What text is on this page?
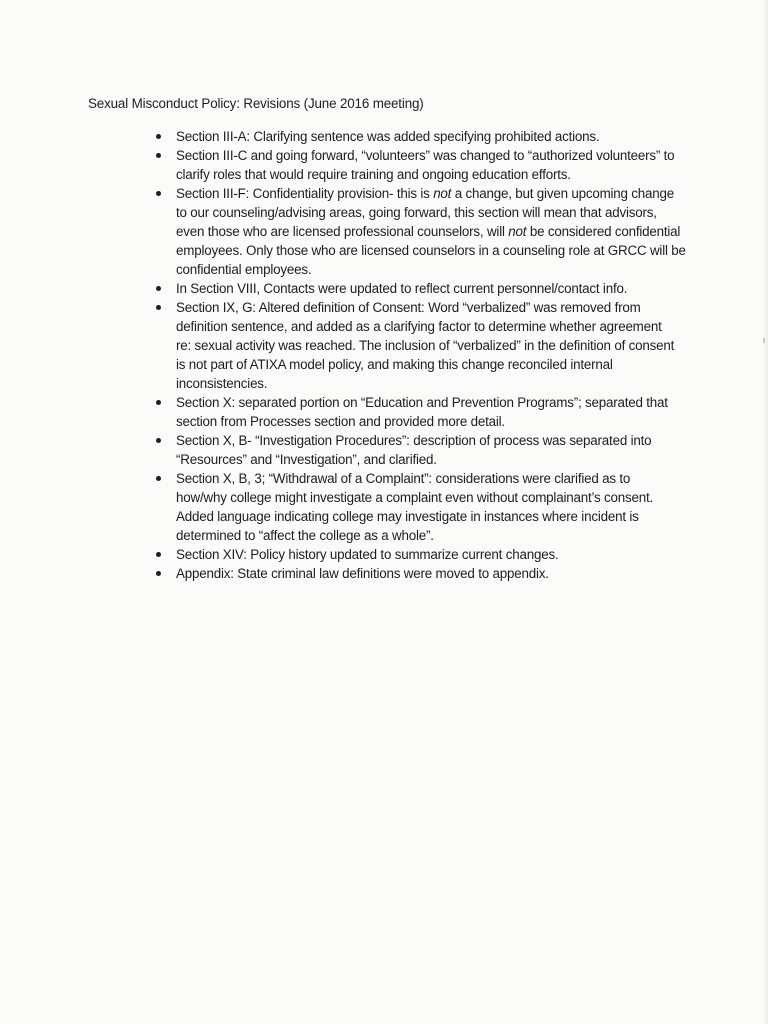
Sexual Misconduct Policy: Revisions (June 2016 meeting)
Section III-A: Clarifying sentence was added specifying prohibited actions.
Section III-C and going forward, “volunteers” was changed to “authorized volunteers” to
clarify roles that would require training and ongoing education efforts.
Section III-F: Confidentiality provision- this is not a change, but given upcoming change
to our counseling/advising areas, going forward, this section will mean that advisors,
even those who are licensed professional counselors, will not be considered confidential
employees. Only those who are licensed counselors in a counseling role at GRCC will be
confidential employees.
In Section VIII, Contacts were updated to reflect current personnel/contact info.
Section IX, G: Altered definition of Consent: Word “verbalized” was removed from
definition sentence, and added as a clarifying factor to determine whether agreement
re: sexual activity was reached. The inclusion of “verbalized” in the definition of consent
is not part of ATIXA model policy, and making this change reconciled internal
inconsistencies.
Section X: separated portion on “Education and Prevention Programs”; separated that
section from Processes section and provided more detail.
Section X, B- “Investigation Procedures”: description of process was separated into
“Resources” and “Investigation”, and clarified.
Section X, B, 3; “Withdrawal of a Complaint”: considerations were clarified as to
how/why college might investigate a complaint even without complainant’s consent.
Added language indicating college may investigate in instances where incident is
determined to “affect the college as a whole”.
Section XIV: Policy history updated to summarize current changes.
Appendix: State criminal law definitions were moved to appendix.
